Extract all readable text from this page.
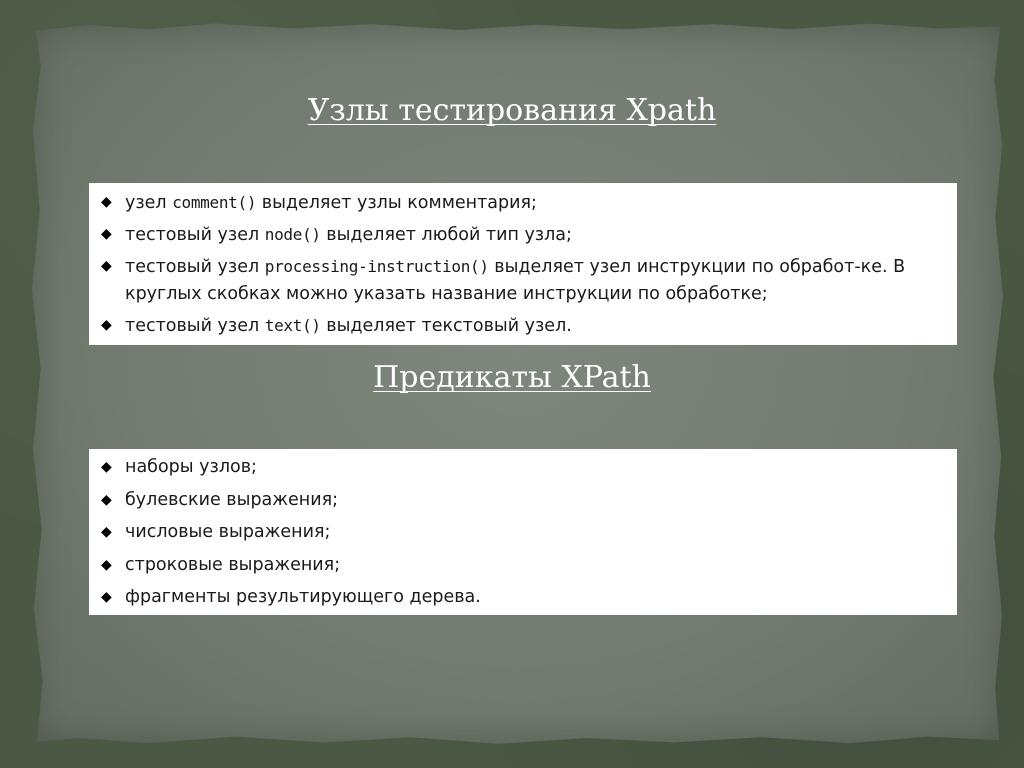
Узлы тестирования Xpath
◆ узел comment() выделяет узлы комментария;
◆ тестовый узел node() выделяет любой тип узла;
◆ тестовый узел processing-instruction() выделяет узел инструкции по обработ-ке. В круглых скобках можно указать название инструкции по обработке;
◆ тестовый узел text() выделяет текстовый узел.
Предикаты XPath
◆ наборы узлов;
◆ булевские выражения;
◆ числовые выражения;
◆ строковые выражения;
◆ фрагменты результирующего дерева.
